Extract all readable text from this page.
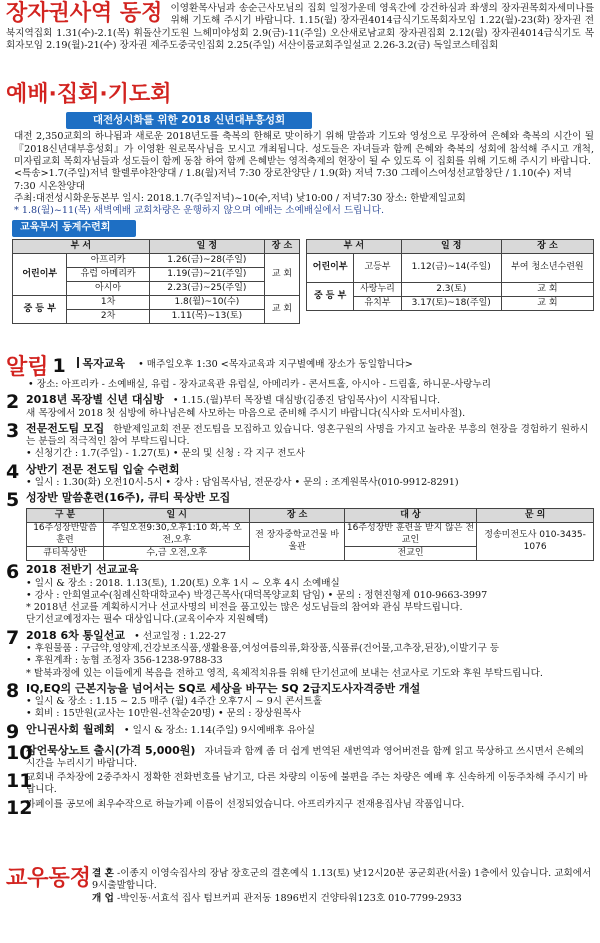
장자권사역 동정 이영환목사님과 송순근사모님의 집회 일정가운데 영육간에 강건하심과 좌생의 장자권목회자세미나를 위해 기도해 주시기 바랍니다. 1.15(월) 장자권4014급식기도목회자모임 1.22(월)-23(화) 장자권 전북지역집회 1.31(수)-2.1(목) 휘돌산기도원 느헤미야성회 2.9(금)-11(주일) 오산새로남교회 장자권집회 2.12(월) 장자권4014급식기도 목회자모임 2.19(월)-21(수) 장자권 제주도중국인집회 2.25(주일) 서산이룸교회주일설교 2.26-3.2(금) 독일코스테집회

예배·집회·기도회
대전성시화를 위한 2018 신년대부흥성회

대전 2,350교회의 하나됨과 새로운 2018년도를 축복의 한해로 맞이하기 위해 말씀과 기도와 영성으로 무장하여 은혜와 축복의 시간이 될 『2018신년대부흥성회』가 이영환 원로목사님을 모시고 개최됩니다. 성도들은 자녀들과 함께 은혜와 축복의 성회에 참석해 주시고 개척, 미자립교회 목회자님들과 성도들이 함께 동참 하여 함께 은혜받는 영적축제의 현장이 될 수 있도록 이 집회를 위해 기도해 주시기 바랍니다.

<특송>1.7(주일)저녁 할렐루야찬양대 / 1.8(월)저녁 7:30 장로찬양단 / 1.9(화) 저녁 7:30 그레이스여성선교합창단 / 1.10(수) 저녁 7:30 시온찬양대

주최:대전성시화운동본부 일시: 2018.1.7(주일저녁)~10(수,저녁) 낮10:00 / 저녁7:30 장소: 한밭제일교회

* 1.8(월)~11(목) 새벽예배 교회차량은 운행하지 않으며 예배는 소예배실에서 드립니다.

교육부서 동계수련회
부 서		일 정	장 소
어린이부	아프리카	1.26(금)~28(주일)	교 회
	유럽 아메리카	1.19(금)~21(주일)	
	아시아	2.23(금)~25(주일)	
중 등 부	1차	1.8(월)~10(수)	교 회
	2차	1.11(목)~13(토)	
부 서		일 정	장 소
어린이부	고등부	1.12(금)~14(주일)	부여 청소년수련원
중 등 부	사랑누리	2.3(토)	교 회
	유치부	3.17(토)~18(주일)	교 회
알림 1	목자교육 • 매주일오후 1:30 <목자교육과 지구별예배 장소가 동일합니다>

• 장소: 아프리카 - 소예배실, 유럽 - 장자교육관 유럽실, 아메리카 - 콘서트홀, 아시아 - 드림홀, 하니문-사랑누리

2 2018년 목장별 신년 대심방 • 1.15.(월)부터 목장별 대심방(김종진 담임목사)이 시작됩니다.

새 목장에서 2018 첫 심방에 하나님은혜 사모하는 마음으로 준비해 주시기 바랍니다(식사와 도서비사절).

3 전문전도팀 모집 한밭제일교회 전문 전도팀을 모집하고 있습니다. 영혼구원의 사명을 가지고 놀라운 부흥의 현장을 경험하기 원하시는 분들의 적극적인 참여 부탁드립니다.

• 신청기간 : 1.7(주일) - 1.27(토) • 문의 및 신청 : 각 지구 전도사

4 상반기 전문 전도팀 입술 수련회

• 일시 : 1.30(화) 오전10시-5시 • 강사 : 담임목사님, 전문강사 • 문의 : 조계원목사(010-9912-8291)

5 성장반 말씀훈련(16주), 큐티 묵상반 모집
구 분	일 시	장 소	대 상	문 의
16주성장반말씀훈련	주일오전9:30,오후1:10 화,목 오전,오후	전 장자중학교건물 바울관	16주성장반 훈련을 받지 않은 전교인	정송미전도사 010-3435-1076
큐티묵상반	수,금 오전,오후		전교인	
6 2018 전반기 선교교육

• 일시 & 장소 : 2018. 1.13(토), 1.20(토) 오후 1시 ~ 오후 4시 소예배실
• 강사 : 안희열교수(침례신학대학교수) 박경근목사(대덕목양교회 담임) • 문의 : 정현진형제 010-9663-3997
* 2018년 선교를 계획하시거나 선교사명의 비전을 품고있는 많은 성도님들의 참여와 관심 부탁드립니다.
단기선교예정자는 필수 대상입니다.(교육이수자 지원혜택)

7 2018 6차 통일선교 • 선교일정 : 1.22-27

• 후원물품 : 구급약,영양제,건강보조식품,생활용품,여성여름의류,화장품,식품류(건어물,고추장,된장),이발기구 등
• 후원계좌 : 농협 조정자 356-1238-9788-33
* 탈북과정에 있는 이들에게 복음을 전하고 영적, 육체적치유를 위해 단기선교에 보내는 선교사로 기도와 후원 부탁드립니다.

8 IQ,EQ의 근본지능을 넘어서는 SQ로 세상을 바꾸는 SQ 2급지도사자격증반 개설

• 일시 & 장소 : 1.15 ~ 2.5 매주 (월) 4주간 오후7시 ~ 9시 콘서트홀
• 회비 : 15만원(교사는 10만원-선착순20명) • 문의 : 장상원목사

9 안니권사회 월례회 • 일시 & 장소: 1.14(주일) 9시예배후 유아실
10
잠언묵상노트 출시(가격 5,000원) 자녀들과 함께 좀 더 쉽게 번역된 새번역과 영어버전을 함께 읽고 묵상하고 쓰시면서 은혜의 시간을 누리시기 바랍니다.
11
교회내 주차장에 2중주차시 정확한 전화번호를 남기고, 다른 차량의 이동에 불편을 주는 차량은 예배 후 신속하게 이동주차해 주시기 바랍니다.
12
카페이를 공모에 최우수작으로 하늘가페 이름이 선정되었습니다. 아프리카지구 전재용집사님 작품입니다.
교우동정 결 혼 -이종지 이영숙집사의 장남 장호군의 결혼예식 1.13(토) 낮12시20분 공군회관(서울) 1층에서 있습니다. 교회에서9시출발합니다.

개 업 -박인동·서효석 집사 텀브커피 관저동 1896번지 건양타워123호 010-7799-2933
